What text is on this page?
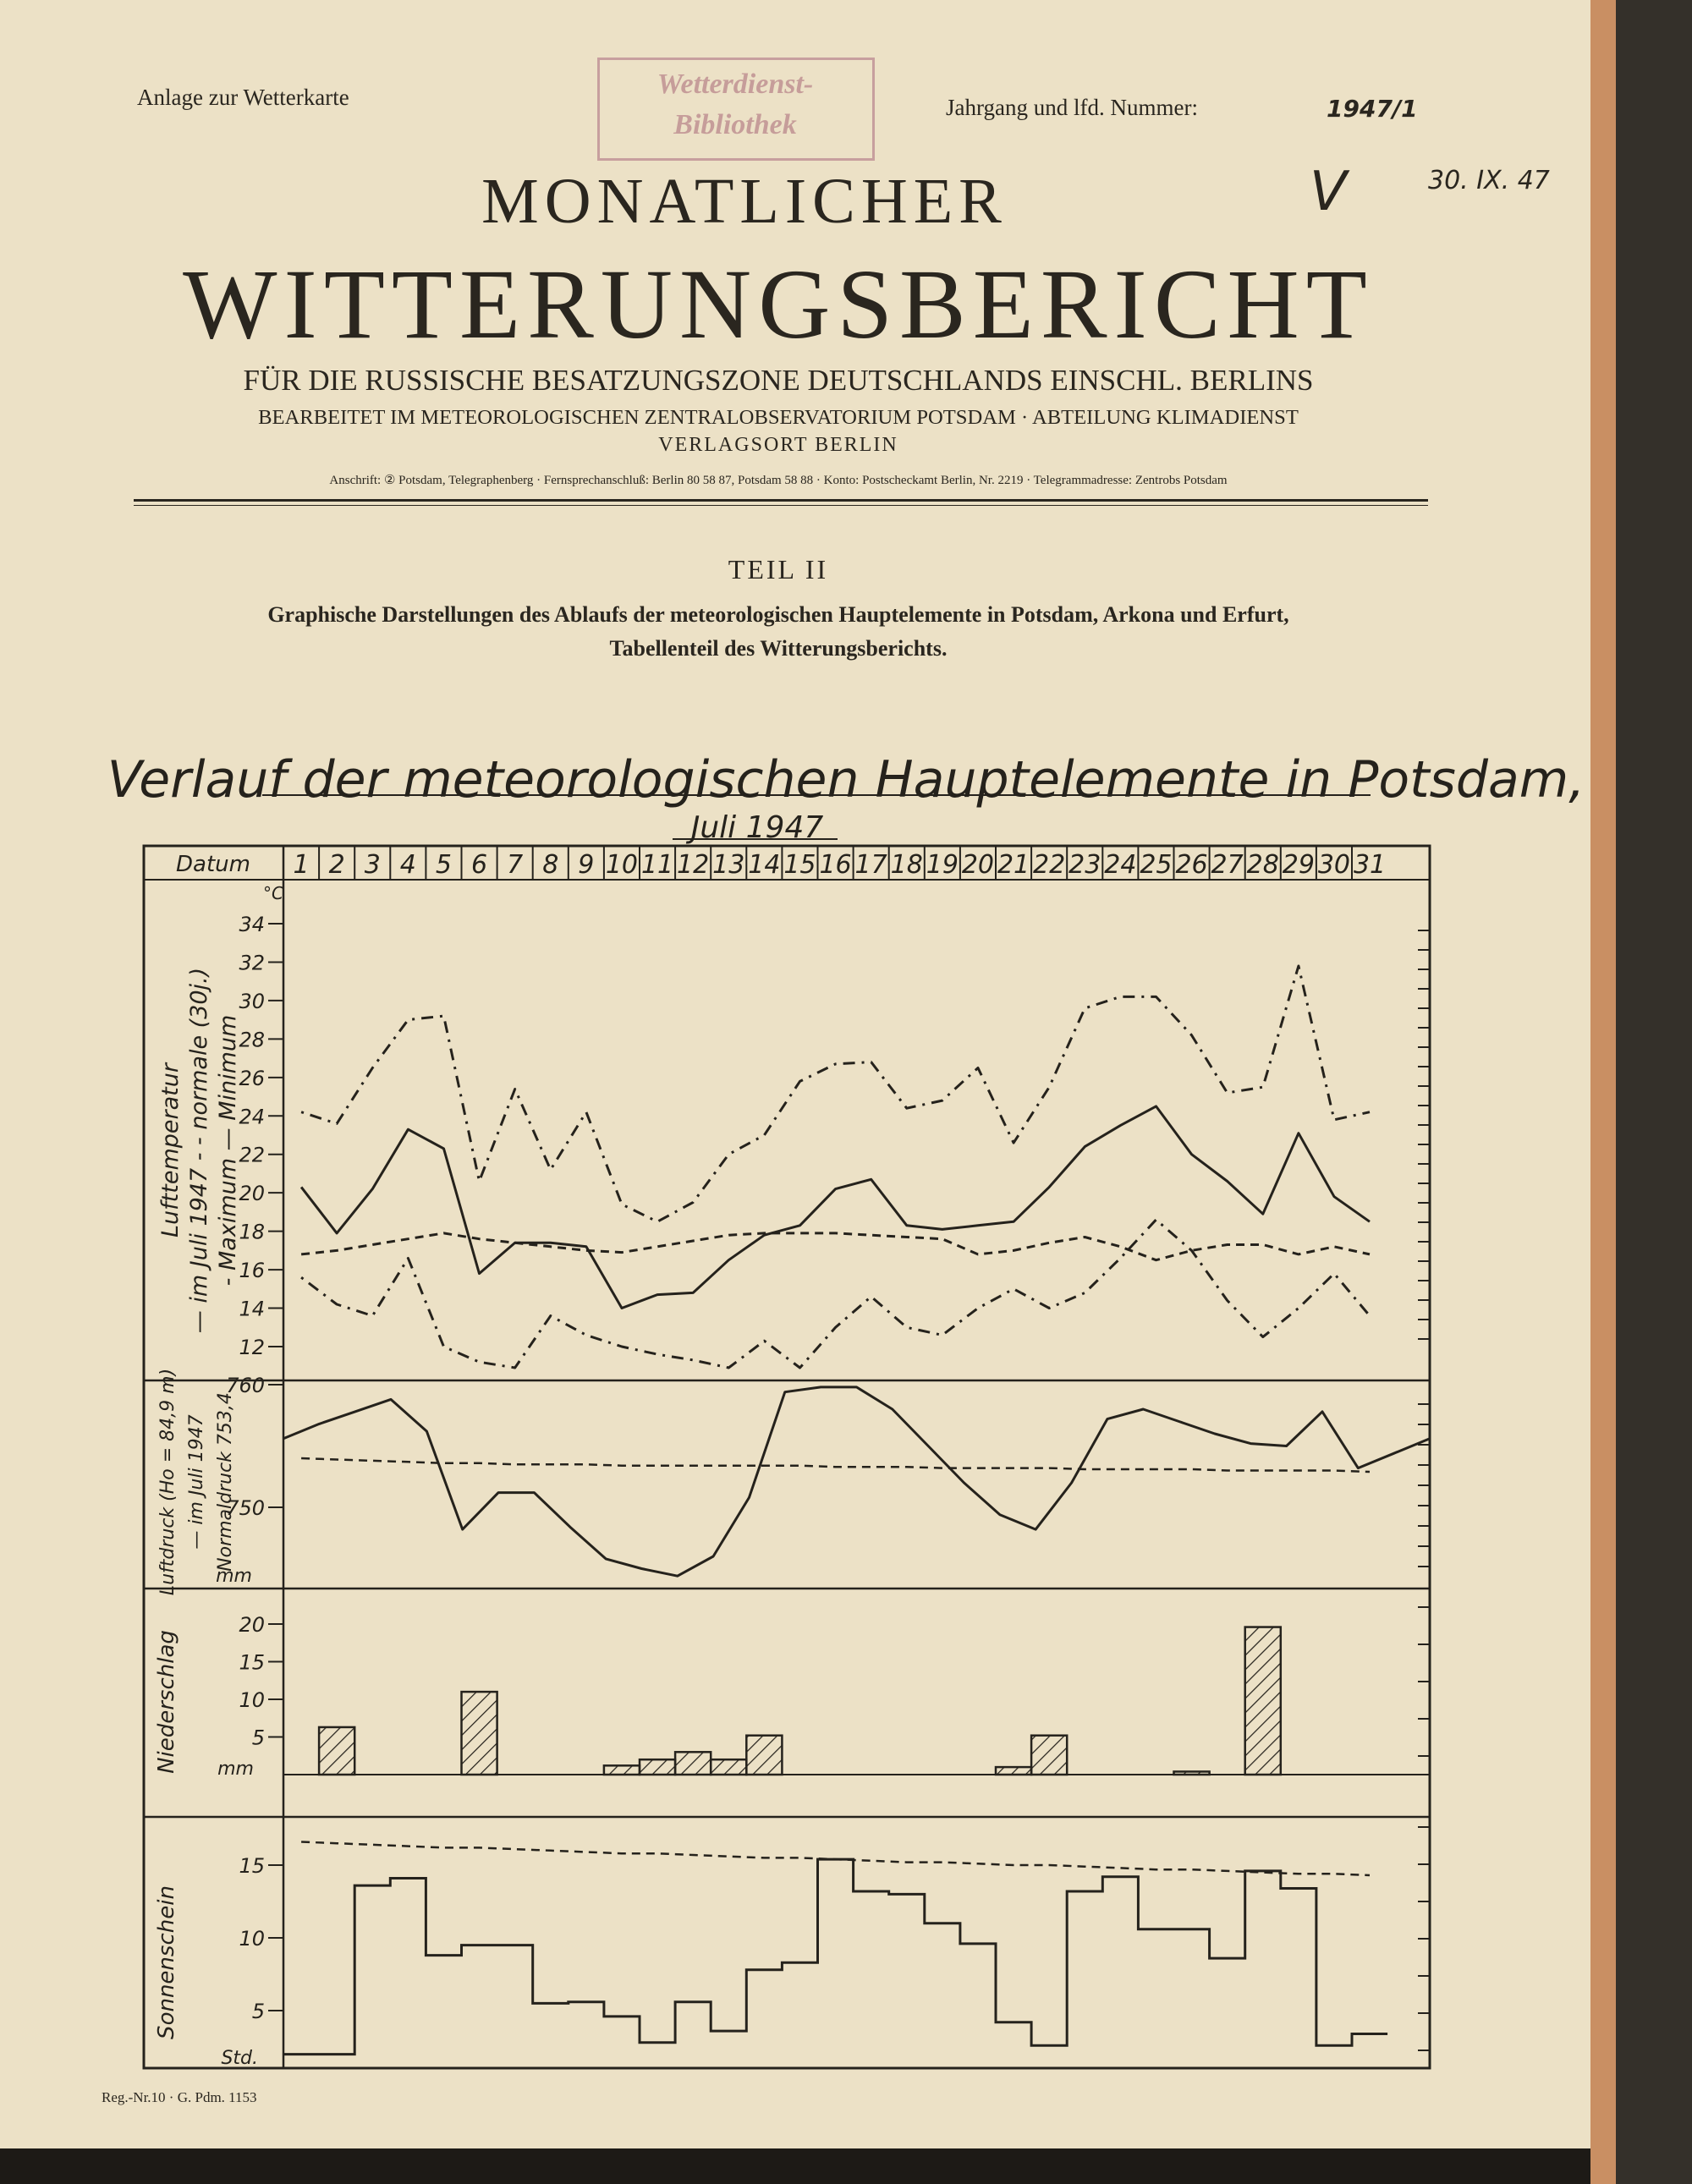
Anlage zur Wetterkarte	Jahrgang und lfd. Nummer:	1947/1
Wetterdienst-
Bibliothek
V	30. IX. 47
MONATLICHER
WITTERUNGSBERICHT
FÜR DIE RUSSISCHE BESATZUNGSZONE DEUTSCHLANDS EINSCHL. BERLINS
BEARBEITET IM METEOROLOGISCHEN ZENTRALOBSERVATORIUM POTSDAM · ABTEILUNG KLIMADIENST
VERLAGSORT BERLIN
Anschrift: ② Potsdam, Telegraphenberg · Fernsprechanschluß: Berlin 80 58 87, Potsdam 58 88 · Konto: Postscheckamt Berlin, Nr. 2219 · Telegrammadresse: Zentrobs Potsdam
TEIL II
Graphische Darstellungen des Ablaufs der meteorologischen Hauptelemente in Potsdam, Arkona und Erfurt,
Tabellenteil des Witterungsberichts.
Verlauf der meteorologischen Hauptelemente in Potsdam,
Juli 1947
Datum 1 2 3 4 5 6 7 8 9 10 11 12 13 14 15 16 17 18 19 20 21 22 23 24 25 26 27 28 29 30 31
°C
12
14
16
18
20
22
24
26
28
30
32
34
Lufttemperatur — im Juli 1947 - - normale (30j.) - Maximum — Minimum
mm
750
760
Luftdruck (Ho = 84,9 m) — im Juli 1947 Normaldruck 753,4
mm
5
10
15
20
Niederschlag
Std.
5
10
15
Sonnenschein
Reg.-Nr.10 · G. Pdm. 1153
